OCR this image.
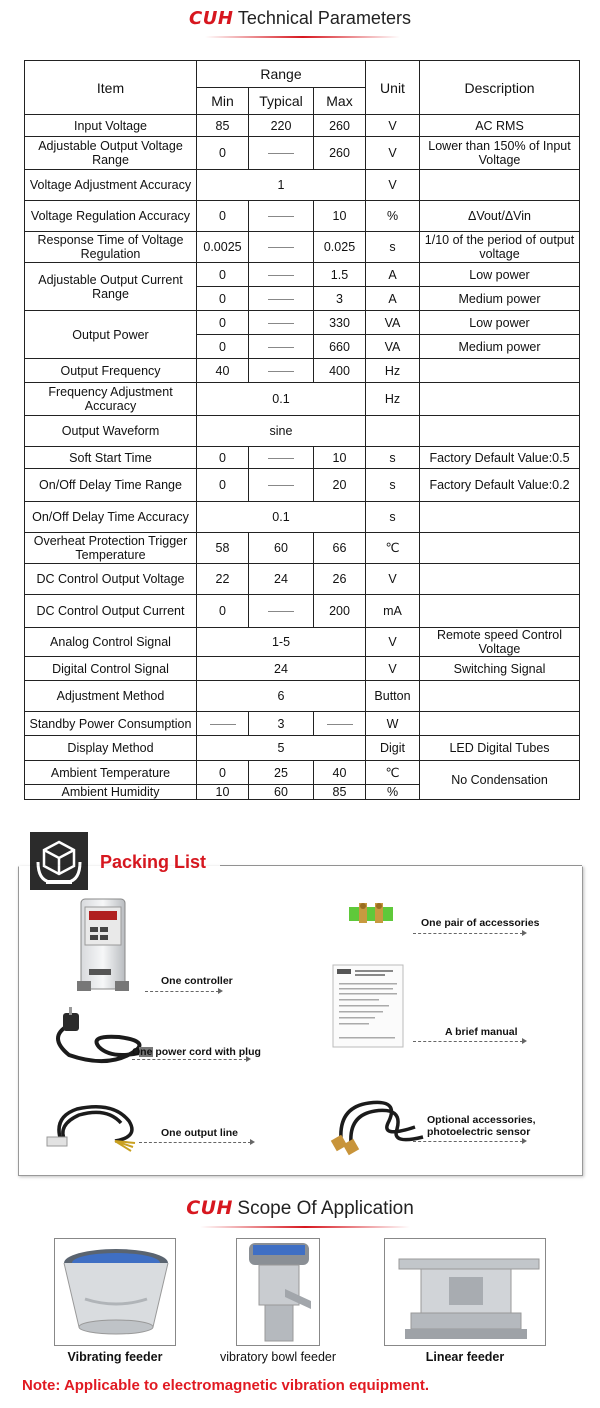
CUH Technical Parameters
Item	Range			Unit	Description
	Min	Typical	Max		
Input Voltage	85	220	260	V	AC RMS
Adjustable Output Voltage Range	0		260	V	Lower than 150% of Input Voltage
Voltage Adjustment Accuracy	1			V	
Voltage Regulation Accuracy	0		10	%	ΔVout/ΔVin
Response Time of Voltage Regulation	0.0025		0.025	s	1/10 of the period of output voltage
Adjustable Output Current Range	0		1.5	A	Low power
	0		3	A	Medium power
Output Power	0		330	VA	Low power
	0		660	VA	Medium power
Output Frequency	40		400	Hz	
Frequency Adjustment Accuracy	0.1			Hz	
Output Waveform	sine				
Soft Start Time	0		10	s	Factory Default Value:0.5
On/Off Delay Time Range	0		20	s	Factory Default Value:0.2
On/Off Delay Time Accuracy	0.1			s	
Overheat Protection Trigger Temperature	58	60	66	℃	
DC Control Output Voltage	22	24	26	V	
DC Control Output Current	0		200	mA	
Analog Control Signal	1-5			V	Remote speed Control Voltage
Digital Control Signal	24			V	Switching Signal
Adjustment Method	6			Button	
Standby Power Consumption		3		W	
Display Method	5			Digit	LED Digital Tubes
Ambient Temperature	0	25	40	℃	No Condensation
Ambient Humidity	10	60	85	%	
Packing List
One controller
One power cord with plug
One output line
One pair of accessories
A brief manual
Optional accessories,
photoelectric sensor
CUH Scope Of Application
Vibrating feeder	vibratory bowl feeder	Linear feeder
Note: Applicable to electromagnetic vibration equipment.
